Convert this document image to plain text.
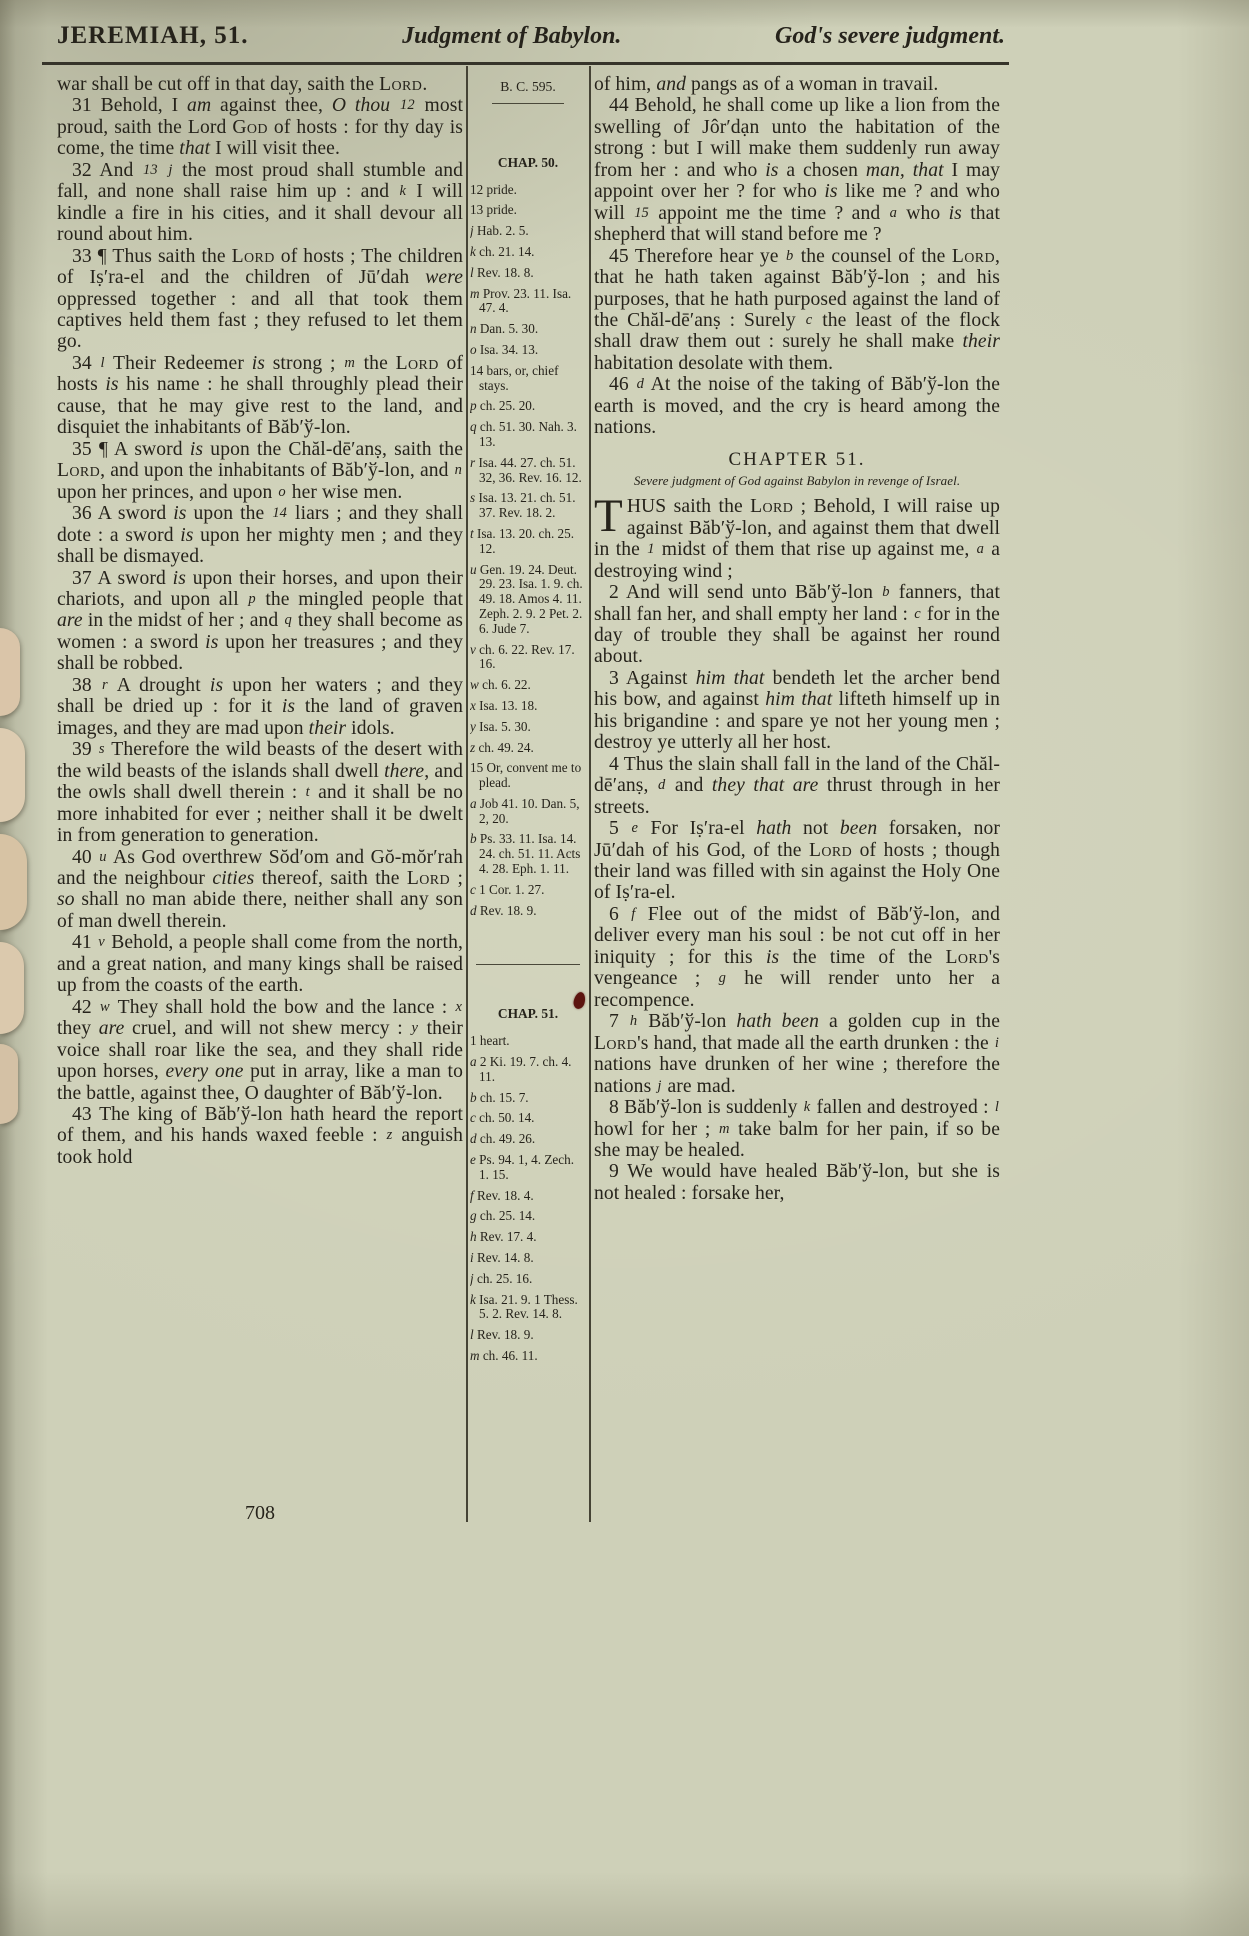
JEREMIAH, 51.	Judgment of Babylon.	God's severe judgment.

war shall be cut off in that day, saith the Lord.

31 Behold, I am against thee, O thou 12 most proud, saith the Lord God of hosts : for thy day is come, the time that I will visit thee.

32 And 13 j the most proud shall stumble and fall, and none shall raise him up : and k I will kindle a fire in his cities, and it shall devour all round about him.

33 ¶ Thus saith the Lord of hosts ; The children of Iṣ′ra-el and the children of Jū′dah were oppressed together : and all that took them captives held them fast ; they refused to let them go.

34 l Their Redeemer is strong ; m the Lord of hosts is his name : he shall throughly plead their cause, that he may give rest to the land, and disquiet the inhabitants of Băb′ў-lon.

35 ¶ A sword is upon the Chăl-dē′anṣ, saith the Lord, and upon the inhabitants of Băb′ў-lon, and n upon her princes, and upon o her wise men.

36 A sword is upon the 14 liars ; and they shall dote : a sword is upon her mighty men ; and they shall be dismayed.

37 A sword is upon their horses, and upon their chariots, and upon all p the mingled people that are in the midst of her ; and q they shall become as women : a sword is upon her treasures ; and they shall be robbed.

38 r A drought is upon her waters ; and they shall be dried up : for it is the land of graven images, and they are mad upon their idols.

39 s Therefore the wild beasts of the desert with the wild beasts of the islands shall dwell there, and the owls shall dwell therein : t and it shall be no more inhabited for ever ; neither shall it be dwelt in from generation to generation.

40 u As God overthrew Sŏd′om and Gŏ-mŏr′rah and the neighbour cities thereof, saith the Lord ; so shall no man abide there, neither shall any son of man dwell therein.

41 v Behold, a people shall come from the north, and a great nation, and many kings shall be raised up from the coasts of the earth.

42 w They shall hold the bow and the lance : x they are cruel, and will not shew mercy : y their voice shall roar like the sea, and they shall ride upon horses, every one put in array, like a man to the battle, against thee, O daughter of Băb′ў-lon.

43 The king of Băb′ў-lon hath heard the report of them, and his hands waxed feeble : z anguish took hold

B. C. 595.
CHAP. 50.

12 pride.

13 pride.

j Hab. 2. 5.

k ch. 21. 14.

l Rev. 18. 8.

m Prov. 23. 11. Isa. 47. 4.

n Dan. 5. 30.

o Isa. 34. 13.

14 bars, or, chief stays.

p ch. 25. 20.

q ch. 51. 30. Nah. 3. 13.

r Isa. 44. 27. ch. 51. 32, 36. Rev. 16. 12.

s Isa. 13. 21. ch. 51. 37. Rev. 18. 2.

t Isa. 13. 20. ch. 25. 12.

u Gen. 19. 24. Deut. 29. 23. Isa. 1. 9. ch. 49. 18. Amos 4. 11. Zeph. 2. 9. 2 Pet. 2. 6. Jude 7.

v ch. 6. 22. Rev. 17. 16.

w ch. 6. 22.

x Isa. 13. 18.

y Isa. 5. 30.

z ch. 49. 24.

15 Or, convent me to plead.

a Job 41. 10. Dan. 5, 2, 20.

b Ps. 33. 11. Isa. 14. 24. ch. 51. 11. Acts 4. 28. Eph. 1. 11.

c 1 Cor. 1. 27.

d Rev. 18. 9.

CHAP. 51.

1 heart.

a 2 Ki. 19. 7. ch. 4. 11.

b ch. 15. 7.

c ch. 50. 14.

d ch. 49. 26.

e Ps. 94. 1, 4. Zech. 1. 15.

f Rev. 18. 4.

g ch. 25. 14.

h Rev. 17. 4.

i Rev. 14. 8.

j ch. 25. 16.

k Isa. 21. 9. 1 Thess. 5. 2. Rev. 14. 8.

l Rev. 18. 9.

m ch. 46. 11.

of him, and pangs as of a woman in travail.

44 Behold, he shall come up like a lion from the swelling of Jôr′dạn unto the habitation of the strong : but I will make them suddenly run away from her : and who is a chosen man, that I may appoint over her ? for who is like me ? and who will 15 appoint me the time ? and a who is that shepherd that will stand before me ?

45 Therefore hear ye b the counsel of the Lord, that he hath taken against Băb′ў-lon ; and his purposes, that he hath purposed against the land of the Chăl-dē′anṣ : Surely c the least of the flock shall draw them out : surely he shall make their habitation desolate with them.

46 d At the noise of the taking of Băb′ў-lon the earth is moved, and the cry is heard among the nations.

CHAPTER 51.

Severe judgment of God against Babylon in revenge of Israel.

THUS saith the Lord ; Behold, I will raise up against Băb′ў-lon, and against them that dwell in the 1 midst of them that rise up against me, a a destroying wind ;

2 And will send unto Băb′ў-lon b fanners, that shall fan her, and shall empty her land : c for in the day of trouble they shall be against her round about.

3 Against him that bendeth let the archer bend his bow, and against him that lifteth himself up in his brigandine : and spare ye not her young men ; destroy ye utterly all her host.

4 Thus the slain shall fall in the land of the Chăl-dē′anṣ, d and they that are thrust through in her streets.

5 e For Iṣ′ra-el hath not been forsaken, nor Jū′dah of his God, of the Lord of hosts ; though their land was filled with sin against the Holy One of Iṣ′ra-el.

6 f Flee out of the midst of Băb′ў-lon, and deliver every man his soul : be not cut off in her iniquity ; for this is the time of the Lord's vengeance ; g he will render unto her a recompence.

7 h Băb′ў-lon hath been a golden cup in the Lord's hand, that made all the earth drunken : the i nations have drunken of her wine ; therefore the nations j are mad.

8 Băb′ў-lon is suddenly k fallen and destroyed : l howl for her ; m take balm for her pain, if so be she may be healed.

9 We would have healed Băb′ў-lon, but she is not healed : forsake her,

708
